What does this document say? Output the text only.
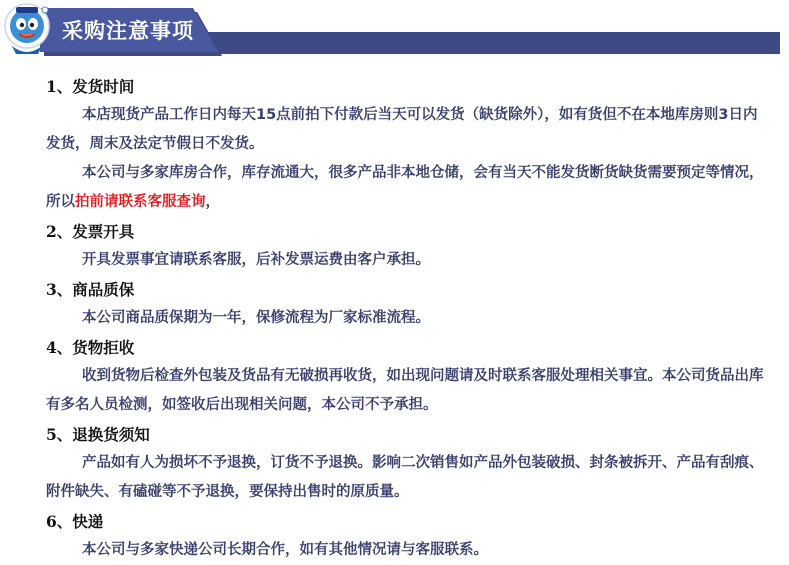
采购注意事项
1、发货时间
本店现货产品工作日内每天15点前拍下付款后当天可以发货（缺货除外），如有货但不在本地库房则3日内发货，周末及法定节假日不发货。
本公司与多家库房合作，库存流通大，很多产品非本地仓储，会有当天不能发货断货缺货需要预定等情况，所以拍前请联系客服查询，
2、发票开具
开具发票事宜请联系客服，后补发票运费由客户承担。
3、商品质保
本公司商品质保期为一年，保修流程为厂家标准流程。
4、货物拒收
收到货物后检查外包装及货品有无破损再收货，如出现问题请及时联系客服处理相关事宜。本公司货品出库有多名人员检测，如签收后出现相关问题，本公司不予承担。
5、退换货须知
产品如有人为损坏不予退换，订货不予退换。影响二次销售如产品外包装破损、封条被拆开、产品有刮痕、附件缺失、有磕碰等不予退换，要保持出售时的原质量。
6、快递
本公司与多家快递公司长期合作，如有其他情况请与客服联系。
